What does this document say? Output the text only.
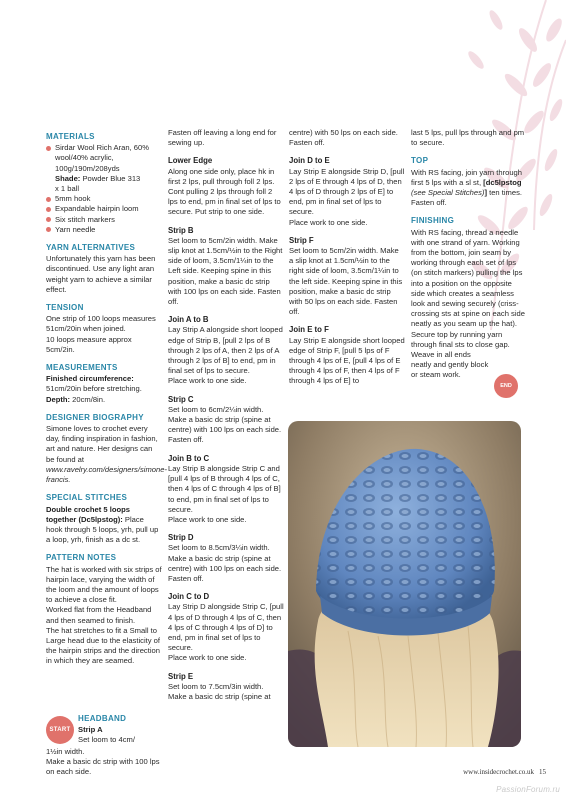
MATERIALS
Sirdar Wool Rich Aran, 60% wool/40% acrylic, 100g/190m/208yds
Shade: Powder Blue 313
x 1 ball
5mm hook
Expandable hairpin loom
Six stitch markers
Yarn needle
YARN ALTERNATIVES

Unfortunately this yarn has been discontinued. Use any light aran weight yarn to achieve a similar effect.

TENSION

One strip of 100 loops measures 51cm/20in when joined.

10 loops measure approx 5cm/2in.

MEASUREMENTS

Finished circumference:

51cm/20in before stretching.

Depth: 20cm/8in.

DESIGNER BIOGRAPHY

Simone loves to crochet every day, finding inspiration in fashion, art and nature. Her designs can be found at www.ravelry.com/designers/simone-francis.

SPECIAL STITCHES

Double crochet 5 loops together (Dc5lpstog): Place hook through 5 loops, yrh, pull up a loop, yrh, finish as a dc st.

PATTERN NOTES

The hat is worked with six strips of hairpin lace, varying the width of the loom and the amount of loops to achieve a close fit.

Worked flat from the Headband and then seamed to finish.

The hat stretches to fit a Small to Large head due to the elasticity of the hairpin strips and the direction in which they are seamed.

START
HEADBAND
Strip A

Set loom to 4cm/

1½in width.

Make a basic dc strip with 100 lps on each side.

Fasten off leaving a long end for sewing up.

Lower Edge

Along one side only, place hk in first 2 lps, pull through foll 2 lps. Cont pulling 2 lps through foll 2 lps to end, pm in final set of lps to secure. Put strip to one side.

Strip B

Set loom to 5cm/2in width. Make slip knot at 1.5cm/½in to the Right side of loom, 3.5cm/1¼in to the Left side. Keeping spine in this position, make a basic dc strip with 100 lps on each side. Fasten off.

Join A to B

Lay Strip A alongside short looped edge of Strip B, [pull 2 lps of B through 2 lps of A, then 2 lps of A through 2 lps of B] to end, pm in final set of lps to secure.

Place work to one side.

Strip C

Set loom to 6cm/2¼in width. Make a basic dc strip (spine at centre) with 100 lps on each side. Fasten off.

Join B to C

Lay Strip B alongside Strip C and [pull 4 lps of B through 4 lps of C, then 4 lps of C through 4 lps of B] to end, pm in final set of lps to secure.

Place work to one side.

Strip D

Set loom to 8.5cm/3¼in width. Make a basic dc strip (spine at centre) with 100 lps on each side. Fasten off.

Join C to D

Lay Strip D alongside Strip C, [pull 4 lps of D through 4 lps of C, then 4 lps of C through 4 lps of D] to end, pm in final set of lps to secure.

Place work to one side.

Strip E

Set loom to 7.5cm/3in width. Make a basic dc strip (spine at

centre) with 50 lps on each side. Fasten off.

Join D to E

Lay Strip E alongside Strip D, [pull 2 lps of E through 4 lps of D, then 4 lps of D through 2 lps of E] to end, pm in final set of lps to secure.

Place work to one side.

Strip F

Set loom to 5cm/2in width. Make a slip knot at 1.5cm/½in to the right side of loom, 3.5cm/1¼in to the left side. Keeping spine in this position, make a basic dc strip with 50 lps on each side. Fasten off.

Join E to F

Lay Strip E alongside short looped edge of Strip F, [pull 5 lps of F through 4 lps of E, [pull 4 lps of E through 4 lps of F, then 4 lps of F through 4 lps of E] to

last 5 lps, pull lps through and pm to secure.

TOP

With RS facing, join yarn through first 5 lps with a sl st, [dc5lpstog (see Special Stitches)] ten times. Fasten off.

FINISHING

With RS facing, thread a needle with one strand of yarn. Working from the bottom, join seam by working through each set of lps (on stitch markers) pulling the lps into a position on the opposite side which creates a seamless look and sewing securely (criss-crossing sts at spine on each side neatly as you seam up the hat). Secure top by running yarn through final sts to close gap.

Weave in all ends neatly and gently block or steam work.

END
www.insidecrochet.co.uk 15
PassionForum.ru
